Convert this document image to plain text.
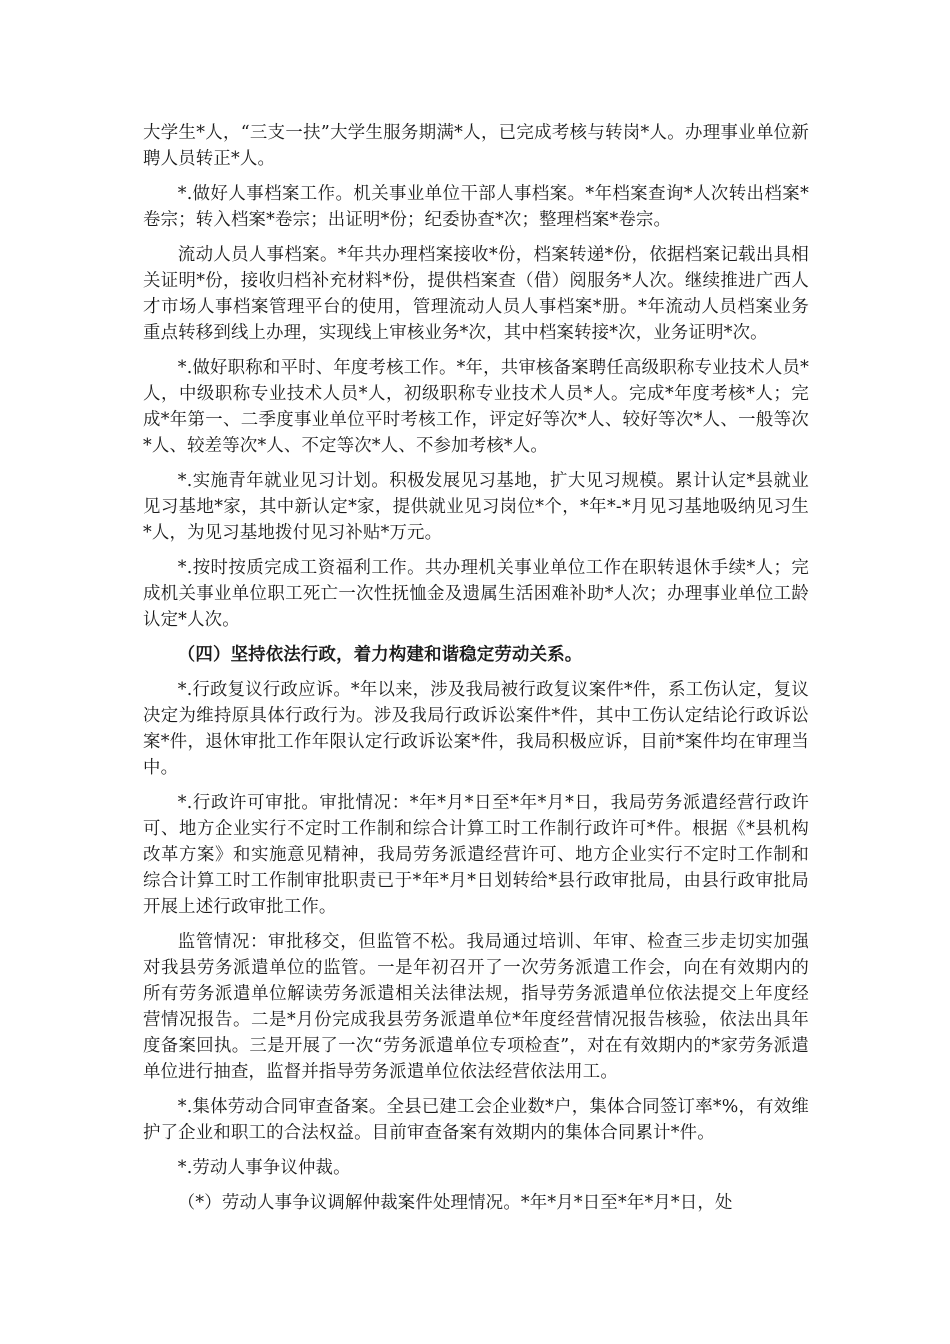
大学生*人，“三支一扶”大学生服务期满*人，已完成考核与转岗*人。办理事业单位新聘人员转正*人。

*.做好人事档案工作。机关事业单位干部人事档案。*年档案查询*人次转出档案*卷宗；转入档案*卷宗；出证明*份；纪委协查*次；整理档案*卷宗。

流动人员人事档案。*年共办理档案接收*份，档案转递*份，依据档案记载出具相关证明*份，接收归档补充材料*份，提供档案查（借）阅服务*人次。继续推进广西人才市场人事档案管理平台的使用，管理流动人员人事档案*册。*年流动人员档案业务重点转移到线上办理，实现线上审核业务*次，其中档案转接*次，业务证明*次。

*.做好职称和平时、年度考核工作。*年，共审核备案聘任高级职称专业技术人员*人，中级职称专业技术人员*人，初级职称专业技术人员*人。完成*年度考核*人；完成*年第一、二季度事业单位平时考核工作，评定好等次*人、较好等次*人、一般等次*人、较差等次*人、不定等次*人、不参加考核*人。

*.实施青年就业见习计划。积极发展见习基地，扩大见习规模。累计认定*县就业见习基地*家，其中新认定*家，提供就业见习岗位*个，*年*-*月见习基地吸纳见习生*人，为见习基地拨付见习补贴*万元。

*.按时按质完成工资福利工作。共办理机关事业单位工作在职转退休手续*人；完成机关事业单位职工死亡一次性抚恤金及遗属生活困难补助*人次；办理事业单位工龄认定*人次。

（四）坚持依法行政，着力构建和谐稳定劳动关系。

*.行政复议行政应诉。*年以来，涉及我局被行政复议案件*件，系工伤认定，复议决定为维持原具体行政行为。涉及我局行政诉讼案件*件，其中工伤认定结论行政诉讼案*件，退休审批工作年限认定行政诉讼案*件，我局积极应诉，目前*案件均在审理当中。

*.行政许可审批。审批情况：*年*月*日至*年*月*日，我局劳务派遣经营行政许可、地方企业实行不定时工作制和综合计算工时工作制行政许可*件。根据《*县机构改革方案》和实施意见精神，我局劳务派遣经营许可、地方企业实行不定时工作制和综合计算工时工作制审批职责已于*年*月*日划转给*县行政审批局，由县行政审批局开展上述行政审批工作。

监管情况：审批移交，但监管不松。我局通过培训、年审、检查三步走切实加强对我县劳务派遣单位的监管。一是年初召开了一次劳务派遣工作会，向在有效期内的所有劳务派遣单位解读劳务派遣相关法律法规，指导劳务派遣单位依法提交上年度经营情况报告。二是*月份完成我县劳务派遣单位*年度经营情况报告核验，依法出具年度备案回执。三是开展了一次“劳务派遣单位专项检查”，对在有效期内的*家劳务派遣单位进行抽查，监督并指导劳务派遣单位依法经营依法用工。

*.集体劳动合同审查备案。全县已建工会企业数*户，集体合同签订率*%，有效维护了企业和职工的合法权益。目前审查备案有效期内的集体合同累计*件。

*.劳动人事争议仲裁。

（*）劳动人事争议调解仲裁案件处理情况。*年*月*日至*年*月*日，处
